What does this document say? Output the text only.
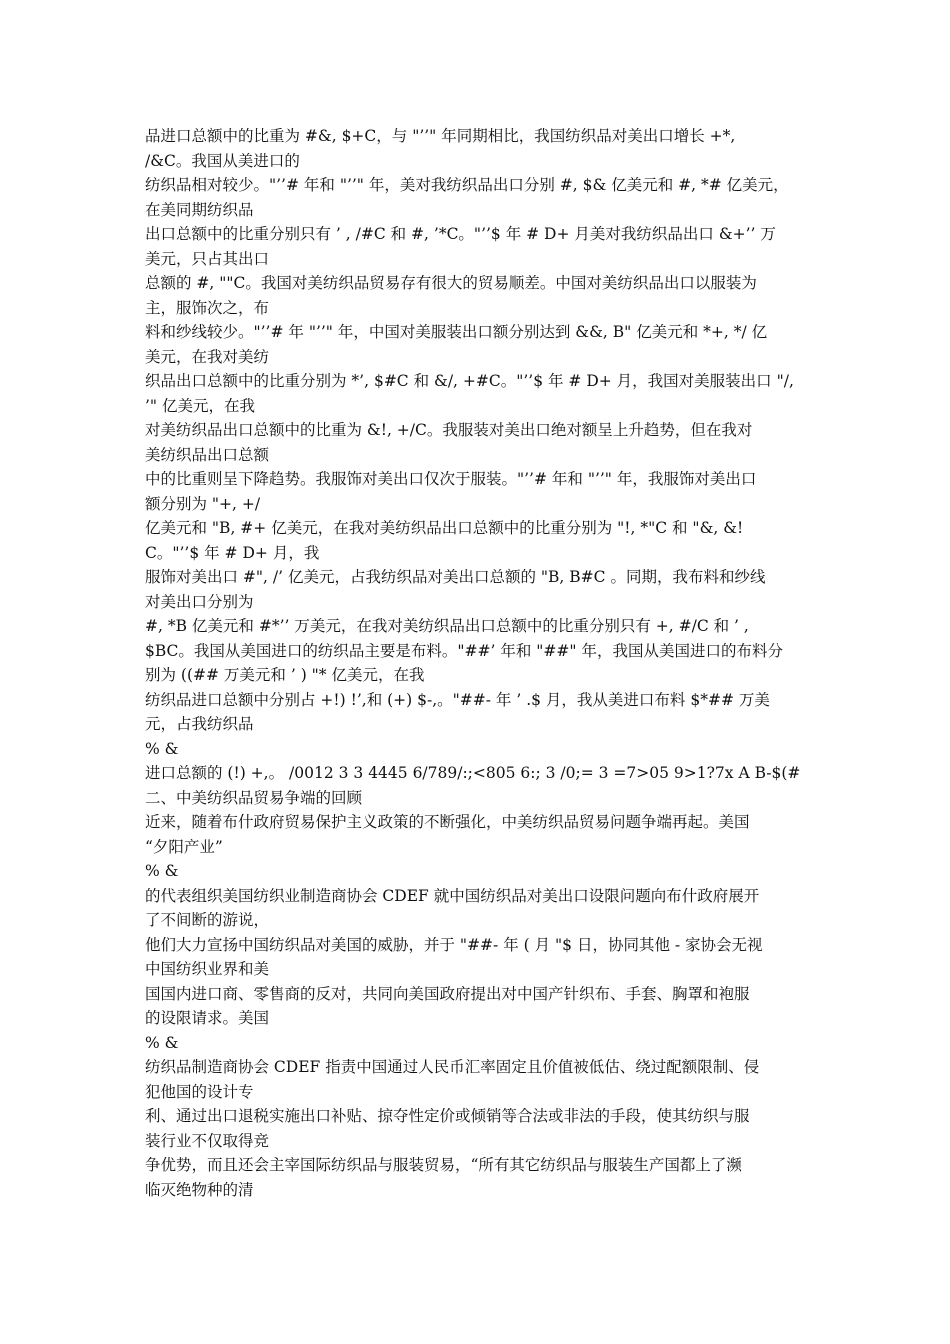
品进口总额中的比重为 #&, $+C，与 "’’" 年同期相比，我国纺织品对美出口增长 +*,
/&C。我国从美进口的
纺织品相对较少。"’’# 年和 "’’" 年，美对我纺织品出口分别 #, $& 亿美元和 #, *# 亿美元，
在美同期纺织品
出口总额中的比重分别只有 ’ , /#C 和 #, ’*C。"’’$ 年 # D+ 月美对我纺织品出口 &+’’ 万
美元，只占其出口
总额的 #, ""C。我国对美纺织品贸易存有很大的贸易顺差。中国对美纺织品出口以服装为
主，服饰次之，布
料和纱线较少。"’’# 年 "’’" 年，中国对美服装出口额分别达到 &&, B" 亿美元和 *+, */ 亿
美元，在我对美纺
织品出口总额中的比重分别为 *’, $#C 和 &/, +#C。"’’$ 年 # D+ 月，我国对美服装出口 "/,
’" 亿美元，在我
对美纺织品出口总额中的比重为 &!, +/C。我服装对美出口绝对额呈上升趋势，但在我对
美纺织品出口总额
中的比重则呈下降趋势。我服饰对美出口仅次于服装。"’’# 年和 "’’" 年，我服饰对美出口
额分别为 "+, +/
亿美元和 "B, #+ 亿美元，在我对美纺织品出口总额中的比重分别为 "!, *"C 和 "&, &!
C。"’’$ 年 # D+ 月，我
服饰对美出口 #", /’ 亿美元，占我纺织品对美出口总额的 "B, B#C 。同期，我布料和纱线
对美出口分别为
#, *B 亿美元和 #*’’ 万美元，在我对美纺织品出口总额中的比重分别只有 +, #/C 和 ’ ,
$BC。我国从美国进口的纺织品主要是布料。"##’ 年和 "##" 年，我国从美国进口的布料分
别为 ((## 万美元和 ’ ) "* 亿美元，在我
纺织品进口总额中分别占 +!) !’,和 (+) $-,。"##- 年 ’ .$ 月，我从美进口布料 $*## 万美
元，占我纺织品
% &
进口总额的 (!) +,。 /0012 3 3 4445 6/789/:;<805 6:; 3 /0;= 3 =7>05 9>1?7x A B-$(#
二、中美纺织品贸易争端的回顾
近来，随着布什政府贸易保护主义政策的不断强化，中美纺织品贸易问题争端再起。美国
“夕阳产业”
% &
的代表组织美国纺织业制造商协会 CDEF 就中国纺织品对美出口设限问题向布什政府展开
了不间断的游说，
他们大力宣扬中国纺织品对美国的威胁，并于 "##- 年 ( 月 "$ 日，协同其他 - 家协会无视
中国纺织业界和美
国国内进口商、零售商的反对，共同向美国政府提出对中国产针织布、手套、胸罩和袍服
的设限请求。美国
% &
纺织品制造商协会 CDEF 指责中国通过人民币汇率固定且价值被低估、绕过配额限制、侵
犯他国的设计专
利、通过出口退税实施出口补贴、掠夺性定价或倾销等合法或非法的手段，使其纺织与服
装行业不仅取得竞
争优势，而且还会主宰国际纺织品与服装贸易，“所有其它纺织品与服装生产国都上了濒
临灭绝物种的清
